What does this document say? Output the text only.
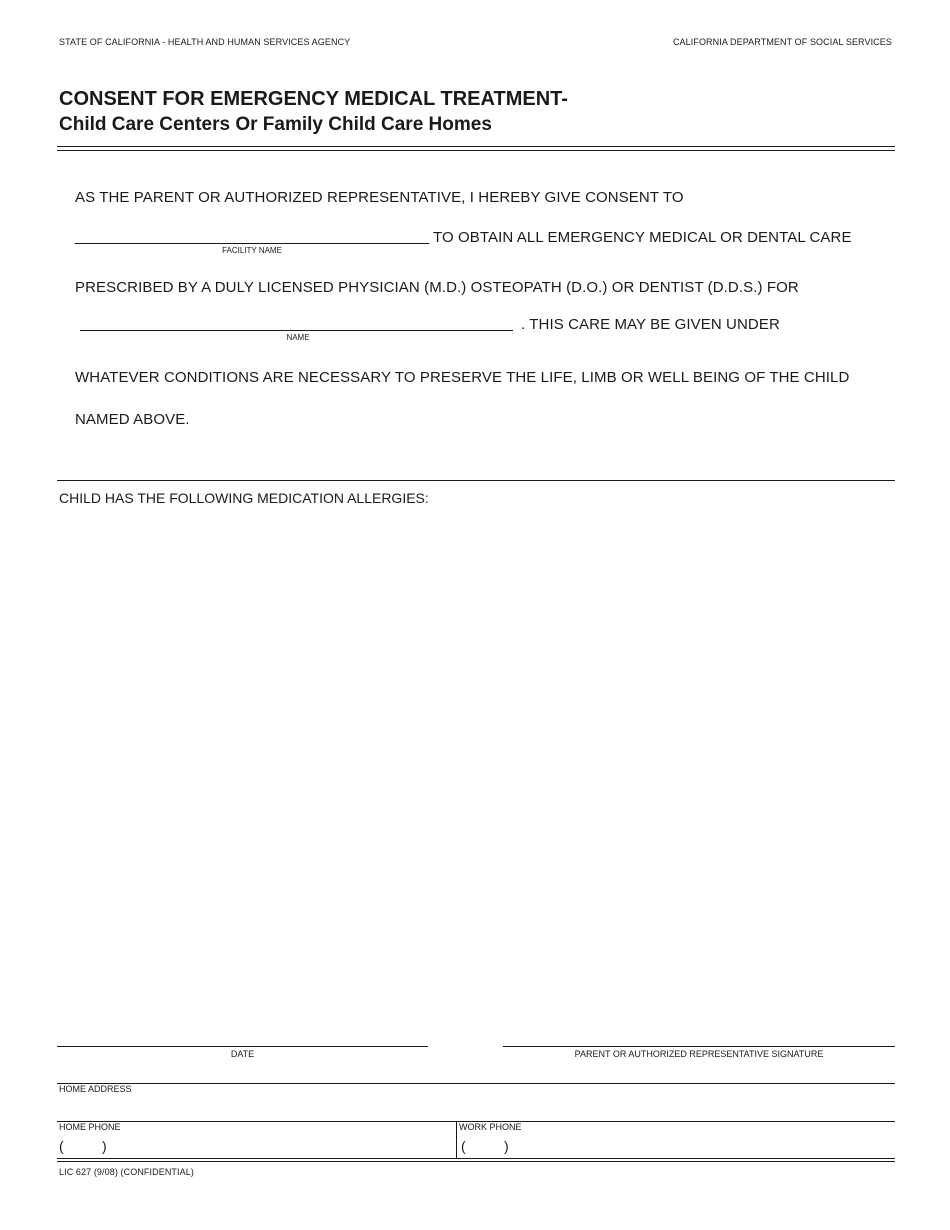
STATE OF CALIFORNIA - HEALTH AND HUMAN SERVICES AGENCY	CALIFORNIA DEPARTMENT OF SOCIAL SERVICES
CONSENT FOR EMERGENCY MEDICAL TREATMENT-
Child Care Centers Or Family Child Care Homes
AS THE PARENT OR AUTHORIZED REPRESENTATIVE, I HEREBY GIVE CONSENT TO
TO OBTAIN ALL EMERGENCY MEDICAL OR DENTAL CARE
FACILITY NAME
PRESCRIBED BY A DULY LICENSED PHYSICIAN (M.D.) OSTEOPATH (D.O.) OR DENTIST (D.D.S.) FOR
. THIS CARE MAY BE GIVEN UNDER
NAME
WHATEVER CONDITIONS ARE NECESSARY TO PRESERVE THE LIFE, LIMB OR WELL BEING OF THE CHILD
NAMED ABOVE.
CHILD HAS THE FOLLOWING MEDICATION ALLERGIES:
DATE	PARENT OR AUTHORIZED REPRESENTATIVE SIGNATURE
HOME ADDRESS
HOME PHONE
(	)
WORK PHONE
(	)
LIC 627 (9/08) (CONFIDENTIAL)
